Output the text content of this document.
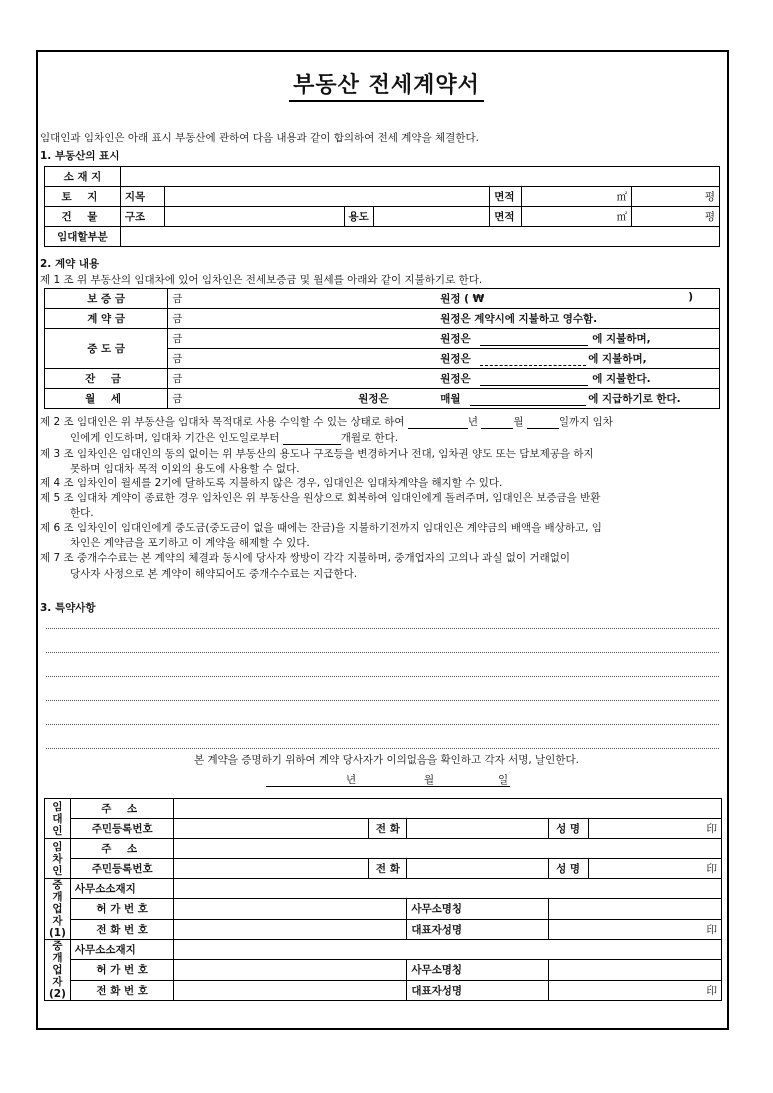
부동산 전세계약서
임대인과 임차인은 아래 표시 부동산에 관하여 다음 내용과 같이 합의하여 전세 계약을 체결한다.
1. 부동산의 표시
소 재 지							
토 지	지목				면적	㎡	평
건 물	구조		용도		면적	㎡	평
임대할부분							
2. 계약 내용
제 1 조 위 부동산의 임대차에 있어 임차인은 전세보증금 및 월세를 아래와 같이 지불하기로 한다.
보 증 금	금 원정 ( ₩ )

계 약 금	금 원정은 계약시에 지불하고 영수함.

중 도 금	금 원정은 에 지불하며,

	금 원정은 에 지불하며,

잔 금	금 원정은 에 지불한다.

월 세	금 원정은 매월 에 지급하기로 한다.
제 2 조 임대인은 위 부동산을 임대차 목적대로 사용 수익할 수 있는 상태로 하여	년	월	일까지 임차
인에게 인도하며, 임대차 기간은 인도일로부터	개월로 한다.
제 3 조 임차인은 임대인의 동의 없이는 위 부동산의 용도나 구조등을 변경하거나 전대, 임차권 양도 또는 담보제공을 하지
못하며 임대차 목적 이외의 용도에 사용할 수 없다.
제 4 조 임차인이 월세를 2기에 달하도록 지불하지 않은 경우, 임대인은 임대차계약을 해지할 수 있다.
제 5 조 임대차 계약이 종료한 경우 임차인은 위 부동산을 원상으로 회복하여 임대인에게 돌려주며, 임대인은 보증금을 반환
한다.
제 6 조 임차인이 임대인에게 중도금(중도금이 없을 때에는 잔금)을 지불하기전까지 임대인은 계약금의 배액을 배상하고, 임
차인은 계약금을 포기하고 이 계약을 해제할 수 있다.
제 7 조 중개수수료는 본 계약의 체결과 동시에 당사자 쌍방이 각각 지불하며, 중개업자의 고의나 과실 없이 거래없이
당사자 사정으로 본 계약이 해약되어도 중개수수료는 지급한다.
3. 특약사항
본 계약을 증명하기 위하여 계약 당사자가 이의없음을 확인하고 각자 서명, 날인한다.
년	월	일
임
대
인	주 소					
	주민등록번호		전 화		성 명	印
임
차
인	주 소					
	주민등록번호		전 화		성 명	印
중
개
업
자
(1)	사무소소재지					
	허 가 번 호			사무소명칭		
	전 화 번 호			대표자성명	印	
중
개
업
자
(2)	사무소소재지					
	허 가 번 호			사무소명칭		
	전 화 번 호			대표자성명	印	
